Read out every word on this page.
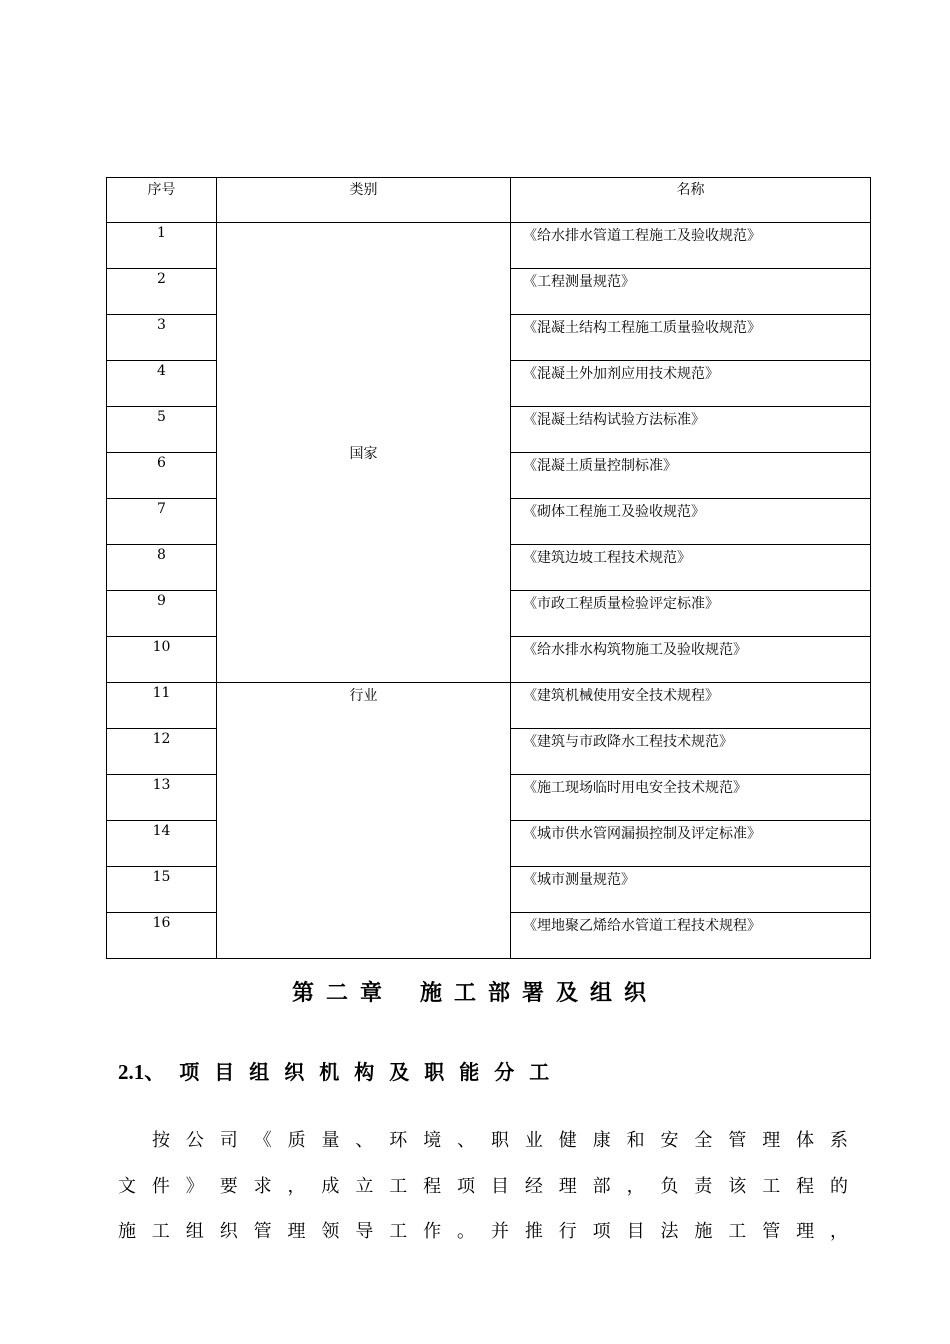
序号	类别	名称
1	国家	《给水排水管道工程施工及验收规范》
2		《工程测量规范》
3		《混凝土结构工程施工质量验收规范》
4		《混凝土外加剂应用技术规范》
5		《混凝土结构试验方法标准》
6		《混凝土质量控制标准》
7		《砌体工程施工及验收规范》
8		《建筑边坡工程技术规范》
9		《市政工程质量检验评定标准》
10		《给水排水构筑物施工及验收规范》
11	行业	《建筑机械使用安全技术规程》
12		《建筑与市政降水工程技术规范》
13		《施工现场临时用电安全技术规范》
14		《城市供水管网漏损控制及评定标准》
15		《城市测量规范》
16		《埋地聚乙烯给水管道工程技术规程》
第二章 施工部署及组织
2.1、 项目组织机构及职能分工
按公司《质量、环境、职业健康和安全管理体系
文件》要求，成立工程项目经理部，负责该工程的
施工组织管理领导工作。并推行项目法施工管理，
